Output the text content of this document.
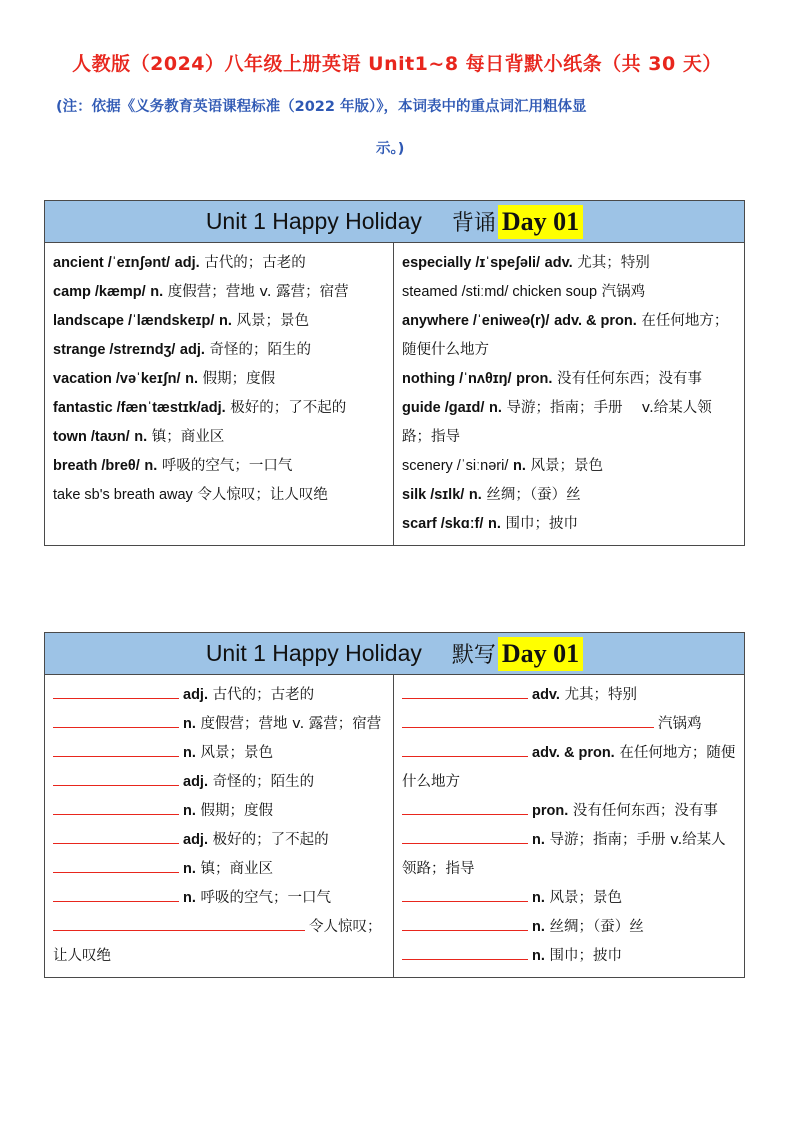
人教版（2024）八年级上册英语 Unit1~8 每日背默小纸条（共 30 天）
(注：依据《义务教育英语课程标准（2022 年版）》，本词表中的重点词汇用粗体显
示。)
Unit 1 Happy Holiday 背诵 Day 01
ancient /ˈeɪnʃənt/ adj. 古代的；古老的
camp /kæmp/ n. 度假营；营地 v. 露营；宿营
landscape /ˈlændskeɪp/ n. 风景；景色
strange /streɪndʒ/ adj. 奇怪的；陌生的
vacation /vəˈkeɪʃn/ n. 假期；度假
fantastic /fænˈtæstɪk/adj. 极好的；了不起的
town /taʊn/ n. 镇；商业区
breath /breθ/ n. 呼吸的空气；一口气
take sb's breath away 令人惊叹；让人叹绝
especially /ɪˈspeʃəli/ adv. 尤其；特别
steamed /stiːmd/ chicken soup 汽锅鸡
anywhere /ˈeniweə(r)/ adv. & pron. 在任何地方；随便什么地方
nothing /ˈnʌθɪŋ/ pron. 没有任何东西；没有事
guide /ɡaɪd/ n. 导游；指南；手册　 v.给某人领路；指导
scenery /ˈsiːnəri/ n. 风景；景色
silk /sɪlk/ n. 丝绸；（蚕）丝
scarf /skɑːf/ n. 围巾；披巾
Unit 1 Happy Holiday 默写 Day 01
adj. 古代的；古老的
n. 度假营；营地 v. 露营；宿营
n. 风景；景色
adj. 奇怪的；陌生的
n. 假期；度假
adj. 极好的；了不起的
n. 镇；商业区
n. 呼吸的空气；一口气
令人惊叹；让人叹绝
adv. 尤其；特别
汽锅鸡
adv. & pron. 在任何地方；随便什么地方
pron. 没有任何东西；没有事
n. 导游；指南；手册 v.给某人领路；指导
n. 风景；景色
n. 丝绸；（蚕）丝
n. 围巾；披巾
